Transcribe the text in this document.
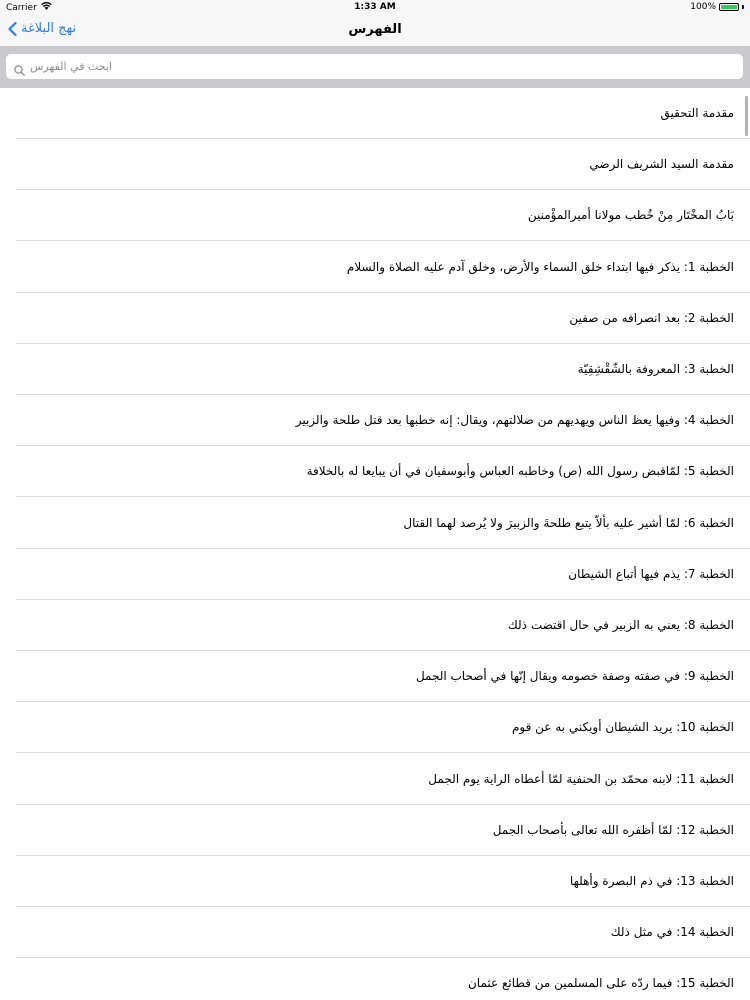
Carrier	1:33 AM	100%
نهج البلاغة	الفهرس
ابحث في الفهرس
مقدمة التحقيق
مقدمة السيد الشريف الرضي
بَابُ المخْتَار مِنْ خُطب مولانا أميرالمؤْمنين
الخطبة 1: يذكر فيها ابتداء خلق السماء والأرض، وخلق آدم عليه الصلاة والسلام
الخطبة 2: بعد انصرافه من صفين
الخطبة 3: المعروفة بالشّقْشِقِيّة
الخطبة 4: وفيها يعظ الناس ويهديهم من ضلالتهم، ويقال: إنه خطبها بعد قتل طلحة والزبير
الخطبة 5: لمّاقبض رسول الله (ص) وخاطبه العباس وأبوسفيان في أن يبايعا له بالخلافة
الخطبة 6: لمّا أشير عليه بألاّ يتبع طلحةَ والزبيرَ ولا يُرصد لهما القتال
الخطبة 7: يذم فيها أتباع الشيطان
الخطبة 8: يعني به الزبير في حال اقتضت ذلك
الخطبة 9: في صفته وصفة خصومه ويقال إنّها في أصحاب الجمل
الخطبة 10: يريد الشيطان أويكني به عن قوم
الخطبة 11: لابنه محمّد بن الحنفية لمّا أعطاه الراية يوم الجمل
الخطبة 12: لمّا أظفره الله تعالى بأصحاب الجمل
الخطبة 13: في ذم البصرة وأهلها
الخطبة 14: في مثل ذلك
الخطبة 15: فيما ردّه على المسلمين من قطائع عثمان
